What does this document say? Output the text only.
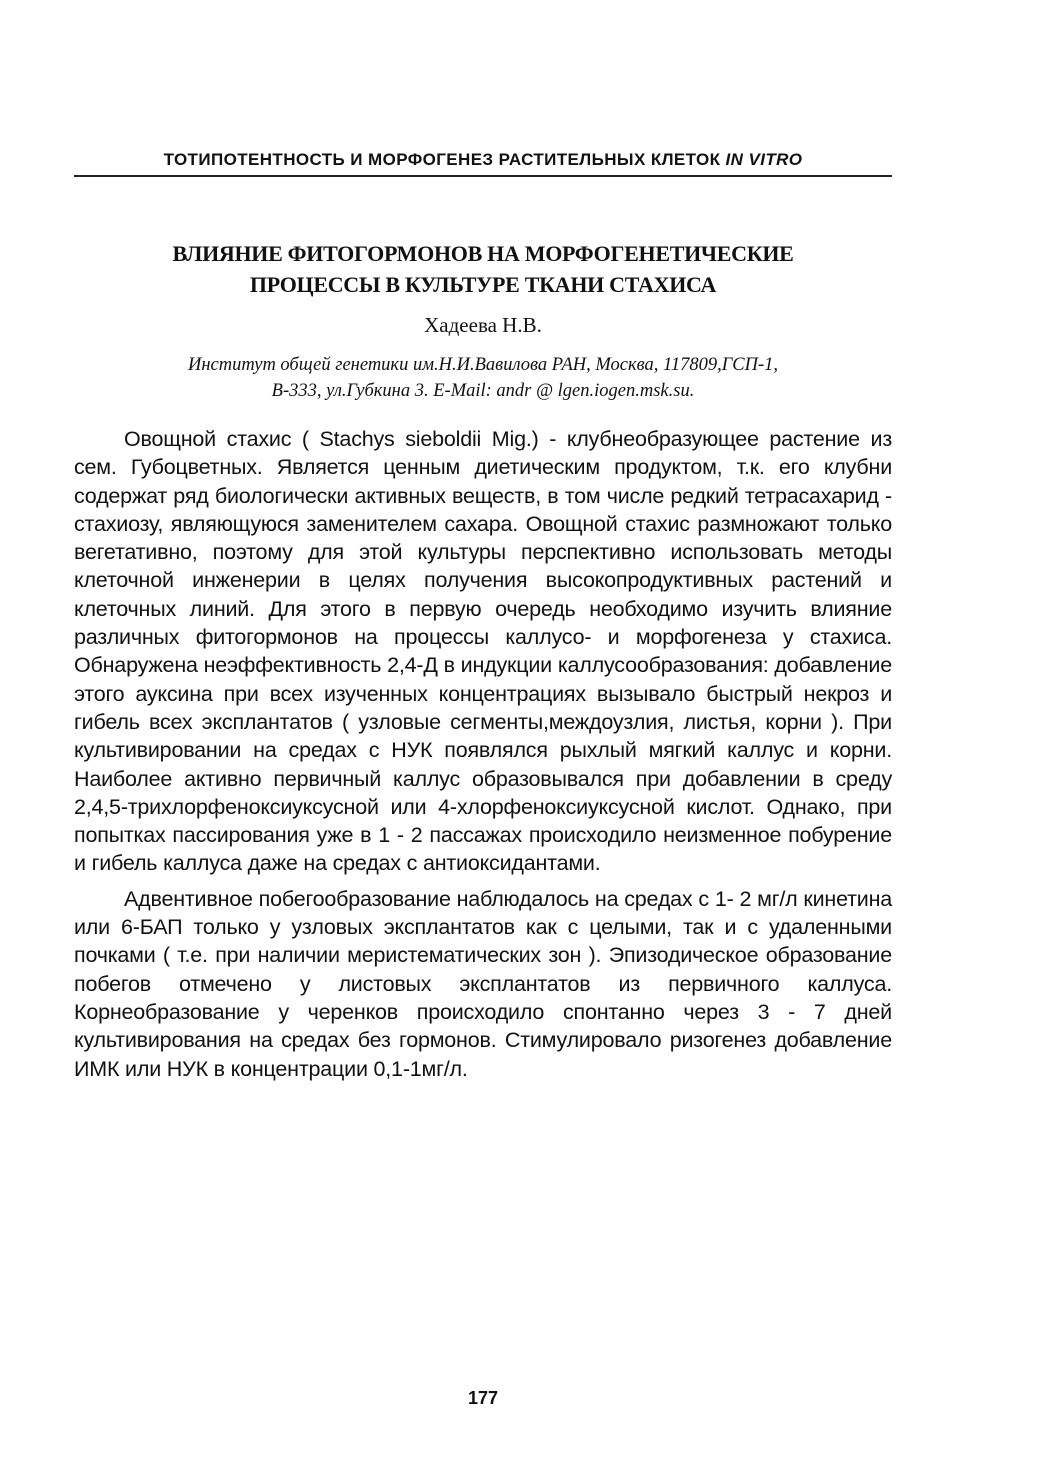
ТОТИПОТЕНТНОСТЬ И МОРФОГЕНЕЗ РАСТИТЕЛЬНЫХ КЛЕТОК IN VITRO
ВЛИЯНИЕ ФИТОГОРМОНОВ НА МОРФОГЕНЕТИЧЕСКИЕ
ПРОЦЕССЫ В КУЛЬТУРЕ ТКАНИ СТАХИСА
Хадеева Н.В.
Институт общей генетики им.Н.И.Вавилова РАН, Москва, 117809,ГСП-1,
В-333, ул.Губкина 3. E-Mail: andr @ lgen.iogen.msk.su.

Овощной стахис ( Stachys sieboldii Mig.) - клубнеобразующее растение из сем. Губоцветных. Является ценным диетическим продуктом, т.к. его клубни содержат ряд биологически активных веществ, в том числе редкий тетрасахарид - стахиозу, являющуюся заменителем сахара. Овощной стахис размножают только вегетативно, поэтому для этой культуры перспективно использовать методы клеточной инженерии в целях получения высокопродуктивных растений и клеточных линий. Для этого в первую очередь необходимо изучить влияние различных фитогормонов на процессы каллусо- и морфогенеза у стахиса. Обнаружена неэффективность 2,4-Д в индукции каллусообразования: добавление этого ауксина при всех изученных концентрациях вызывало быстрый некроз и гибель всех эксплантатов ( узловые сегменты,междоузлия, листья, корни ). При культивировании на средах с НУК появлялся рыхлый мягкий каллус и корни. Наиболее активно первичный каллус образовывался при добавлении в среду 2,4,5-трихлорфеноксиуксусной или 4-хлорфеноксиуксусной кислот. Однако, при попытках пассирования уже в 1 - 2 пассажах происходило неизменное побурение и гибель каллуса даже на средах с антиоксидантами.

Адвентивное побегообразование наблюдалось на средах с 1- 2 мг/л кинетина или 6-БАП только у узловых эксплантатов как с целыми, так и с удаленными почками ( т.е. при наличии меристематических зон ). Эпизодическое образование побегов отмечено у листовых эксплантатов из первичного каллуса. Корнеобразование у черенков происходило спонтанно через 3 - 7 дней культивирования на средах без гормонов. Стимулировало ризогенез добавление ИМК или НУК в концентрации 0,1-1мг/л.

177
